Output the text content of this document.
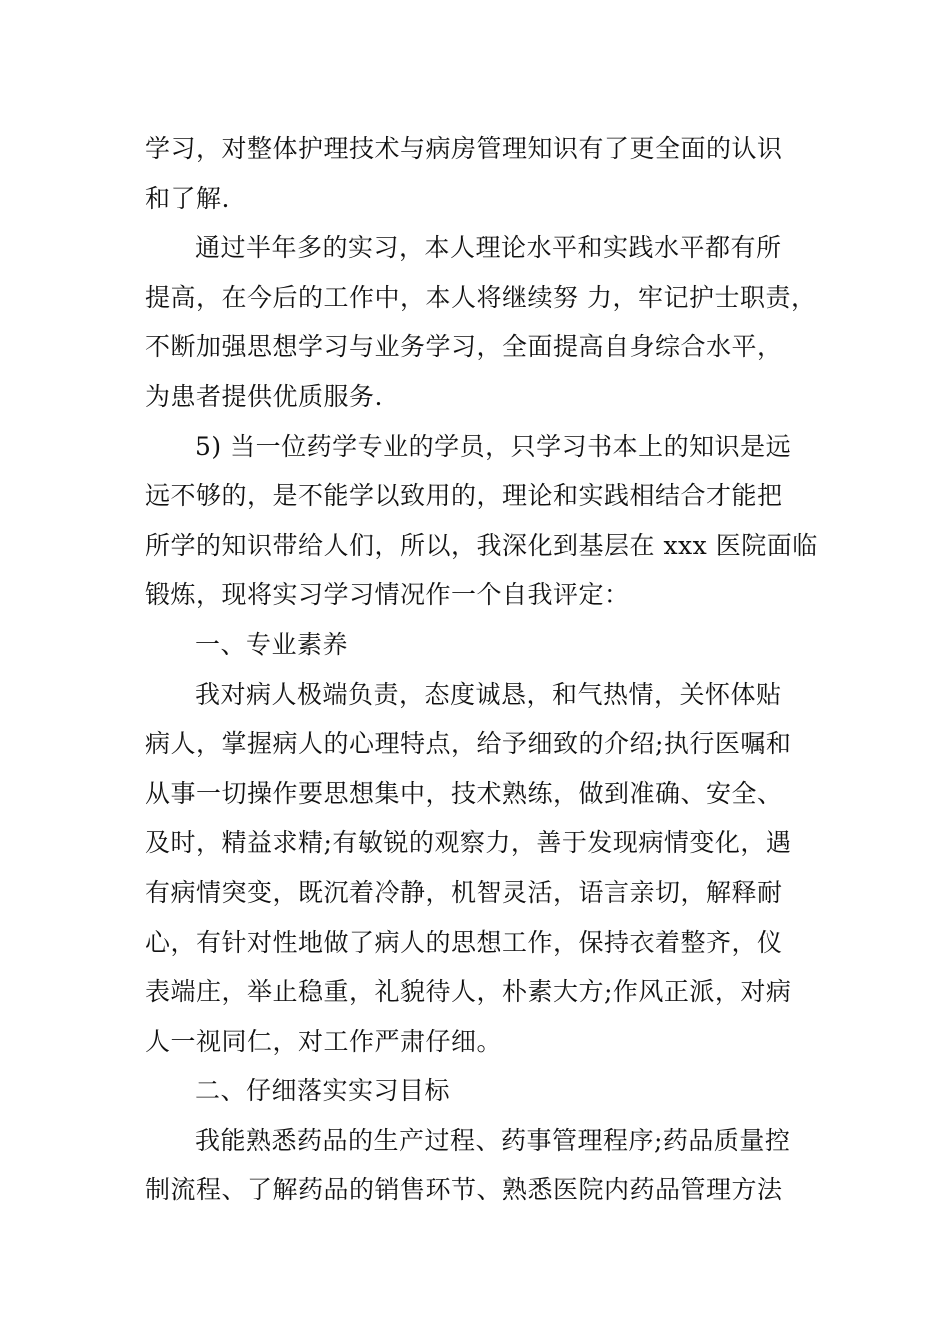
学习，对整体护理技术与病房管理知识有了更全面的认识
和了解.
通过半年多的实习，本人理论水平和实践水平都有所
提高，在今后的工作中，本人将继续努 力，牢记护士职责，
不断加强思想学习与业务学习，全面提高自身综合水平，
为患者提供优质服务.
5) 当一位药学专业的学员，只学习书本上的知识是远
远不够的，是不能学以致用的，理论和实践相结合才能把
所学的知识带给人们，所以，我深化到基层在 xxx 医院面临
锻炼，现将实习学习情况作一个自我评定：
一、专业素养
我对病人极端负责，态度诚恳，和气热情，关怀体贴
病人，掌握病人的心理特点，给予细致的介绍;执行医嘱和
从事一切操作要思想集中，技术熟练，做到准确、安全、
及时，精益求精;有敏锐的观察力，善于发现病情变化，遇
有病情突变，既沉着冷静，机智灵活，语言亲切，解释耐
心，有针对性地做了病人的思想工作，保持衣着整齐，仪
表端庄，举止稳重，礼貌待人，朴素大方;作风正派，对病
人一视同仁，对工作严肃仔细。
二、仔细落实实习目标
我能熟悉药品的生产过程、药事管理程序;药品质量控
制流程、了解药品的销售环节、熟悉医院内药品管理方法
